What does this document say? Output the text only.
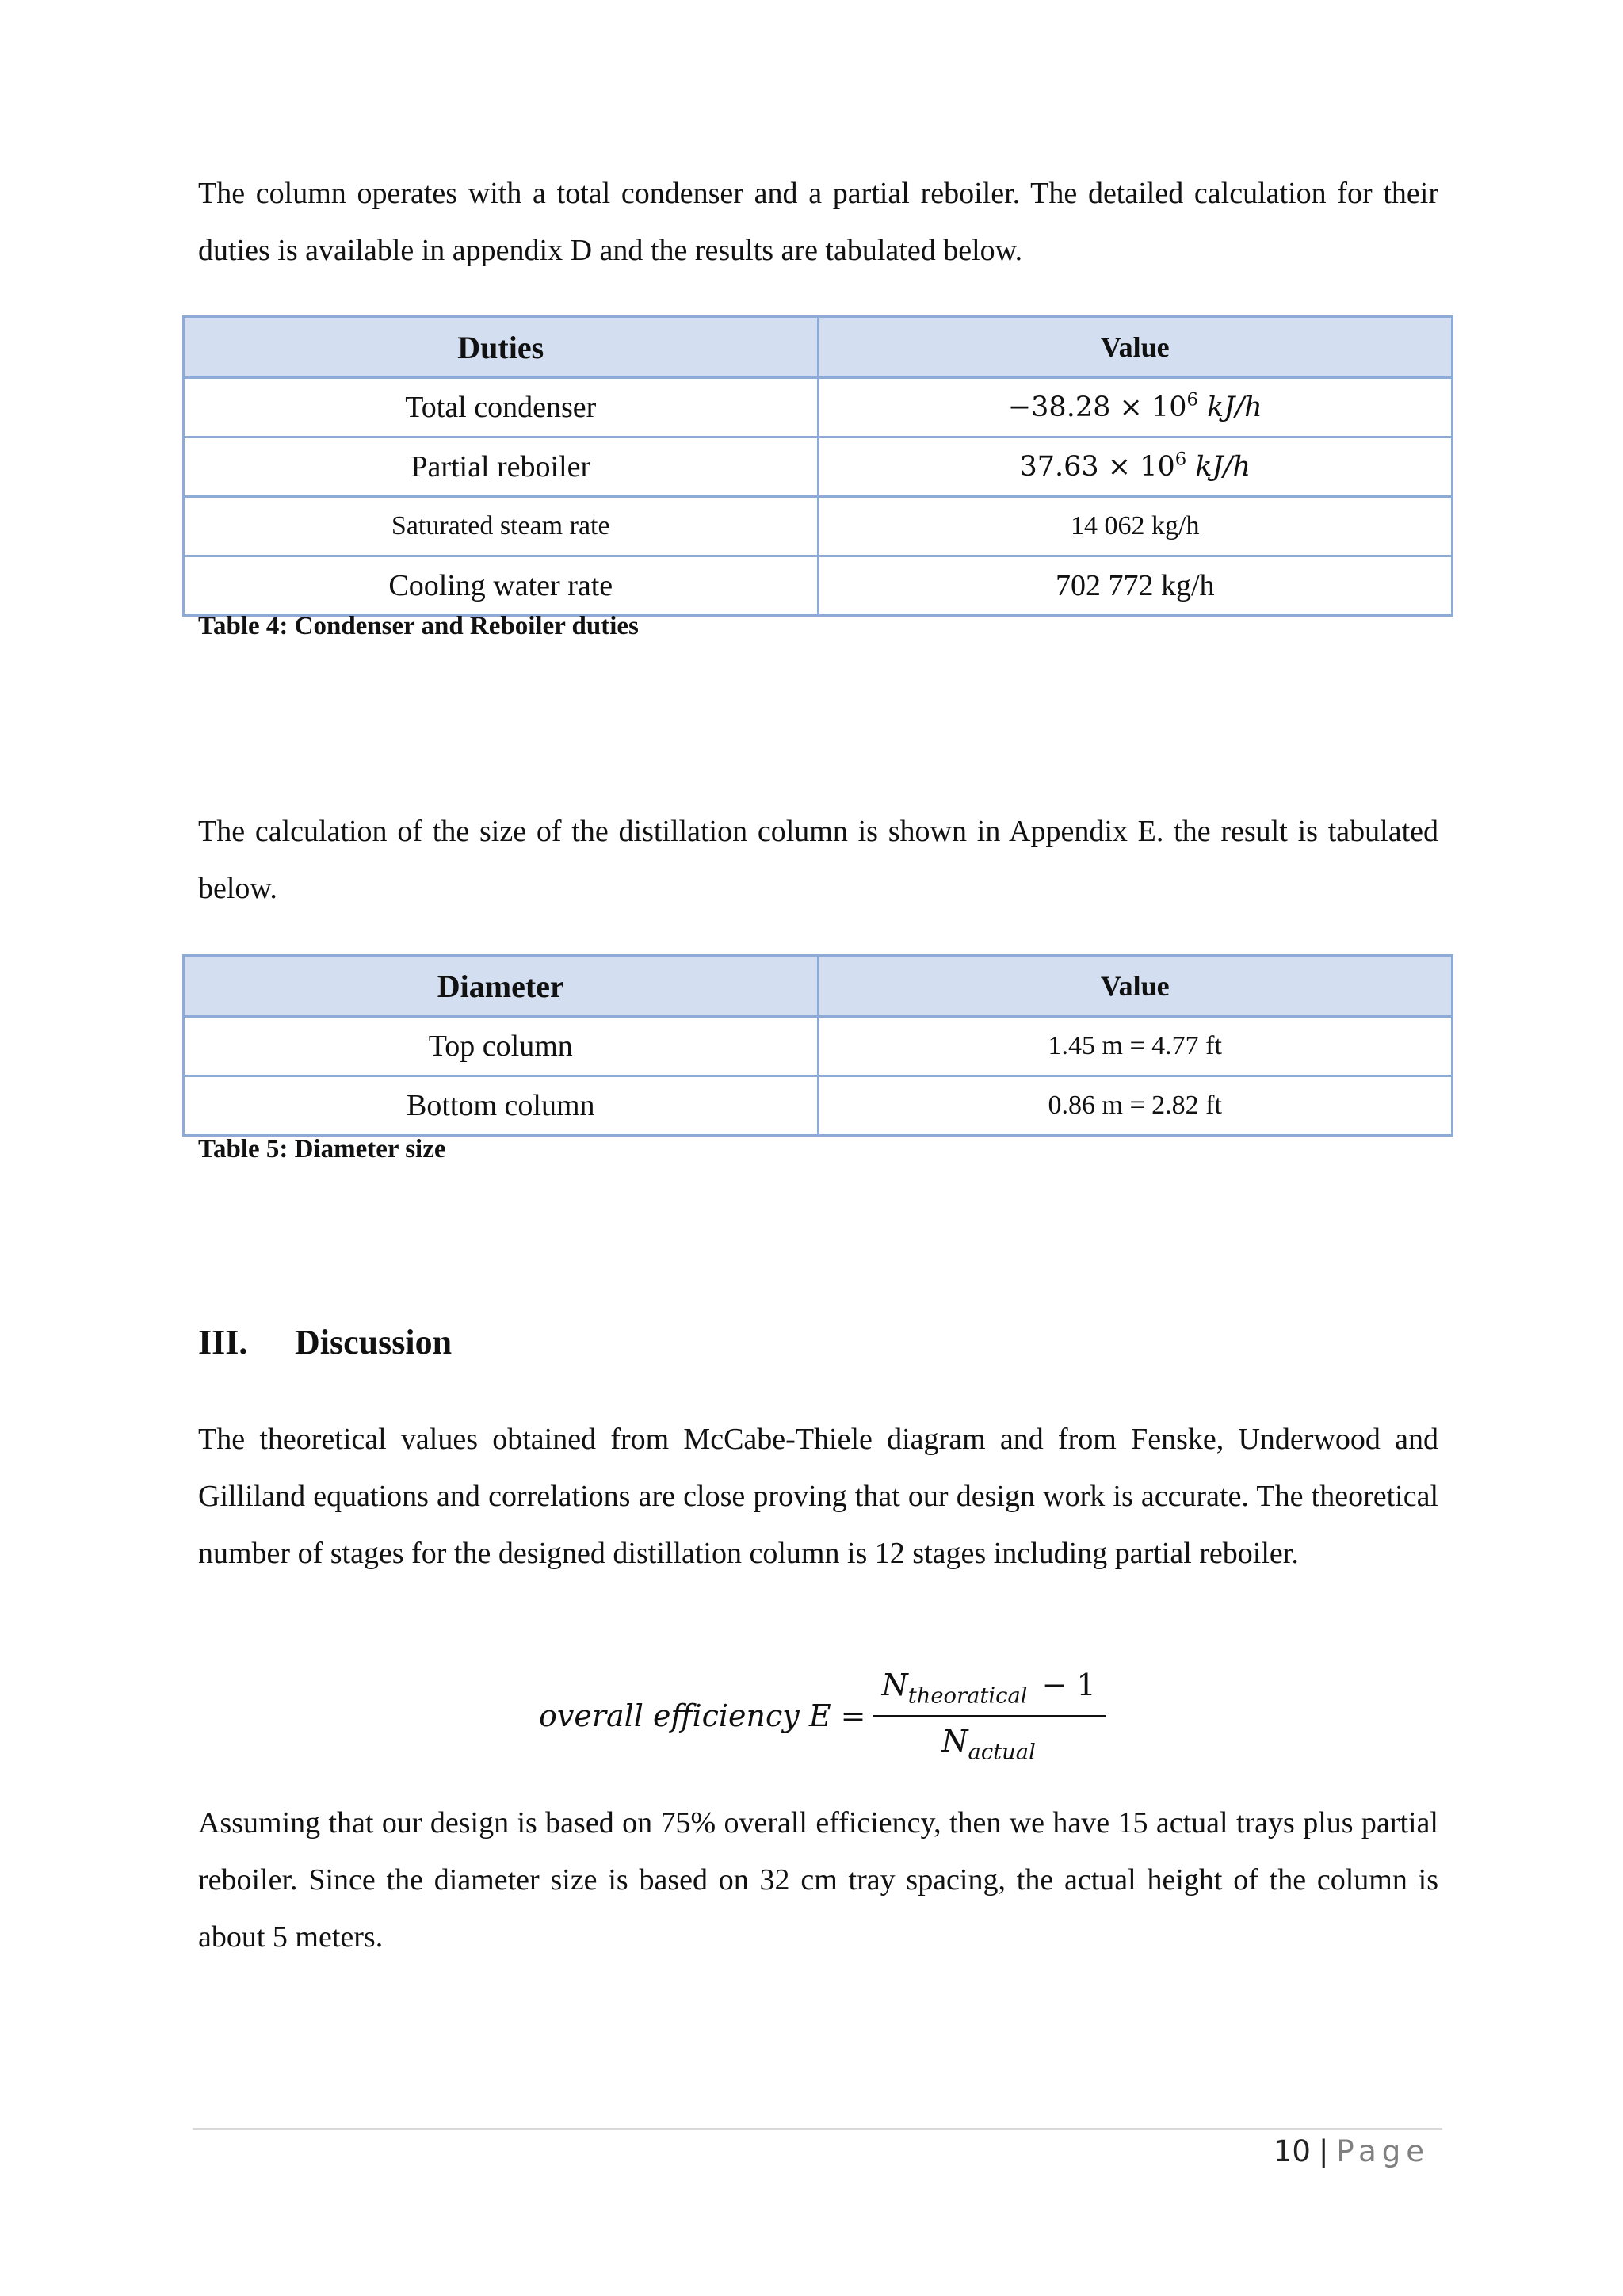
The column operates with a total condenser and a partial reboiler. The detailed calculation for their duties is available in appendix D and the results are tabulated below.

The calculation of the size of the distillation column is shown in Appendix E. the result is tabulated below.

The theoretical values obtained from McCabe-Thiele diagram and from Fenske, Underwood and Gilliland equations and correlations are close proving that our design work is accurate. The theoretical number of stages for the designed distillation column is 12 stages including partial reboiler.

Assuming that our design is based on 75% overall efficiency, then we have 15 actual trays plus partial reboiler. Since the diameter size is based on 32 cm tray spacing, the actual height of the column is about 5 meters.

Duties	Value
Total condenser	$-38.28 \times 10^6$ kJ/h
Partial reboiler	$37.63 \times 10^6$ kJ/h
Saturated steam rate	14 062 kg/h
Cooling water rate	702 772 kg/h
Table 4: Condenser and Reboiler duties
Diameter	Value
Top column	1.45 m = 4.77 ft
Bottom column	0.86 m = 2.82 ft
Table 5: Diameter size
III. Discussion
overall efficiency $E = \frac{N_{theoratical} - 1}{N_{actual}}$
10 | Page
